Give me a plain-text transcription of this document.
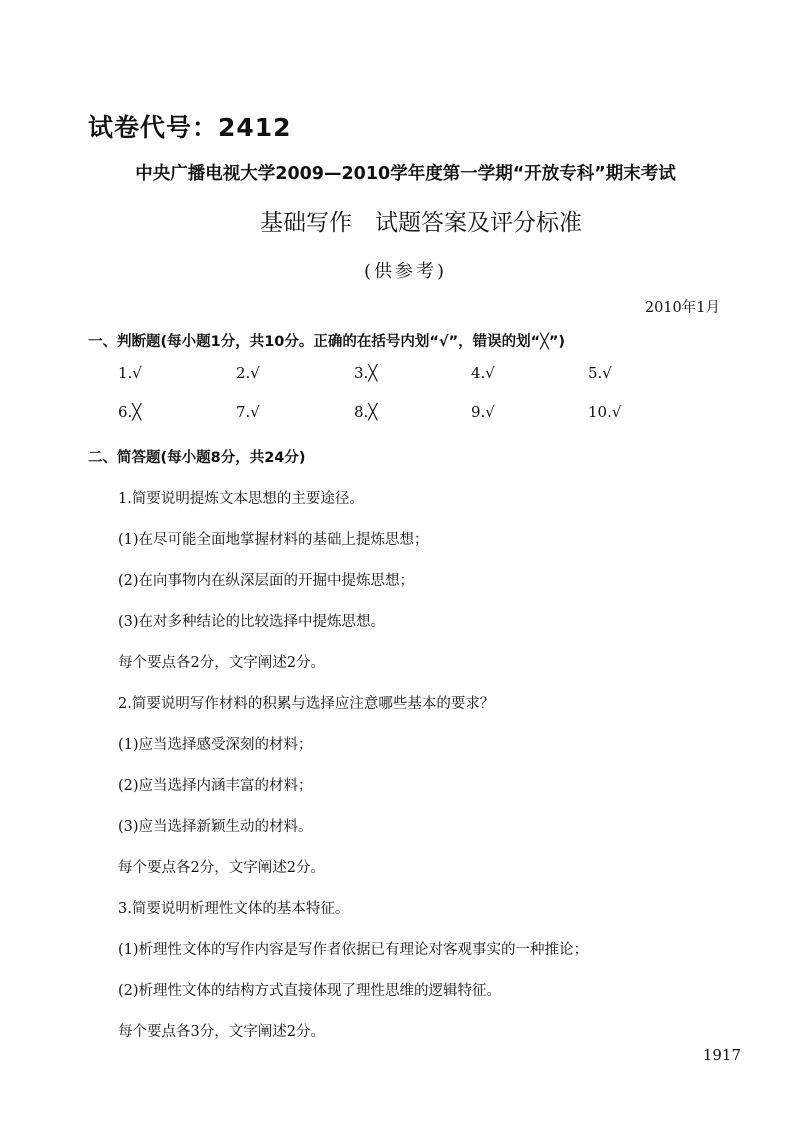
试卷代号：2412
中央广播电视大学2009—2010学年度第一学期“开放专科”期末考试
基础写作　试题答案及评分标准
(供参考)
2010年1月
一、判断题(每小题1分，共10分。正确的在括号内划“√”，错误的划“╳”)
1.√	2.√	3.╳	4.√	5.√
6.╳	7.√	8.╳	9.√	10.√
二、简答题(每小题8分，共24分)
1.简要说明提炼文本思想的主要途径。
(1)在尽可能全面地掌握材料的基础上提炼思想；
(2)在向事物内在纵深层面的开掘中提炼思想；
(3)在对多种结论的比较选择中提炼思想。
每个要点各2分，文字阐述2分。
2.简要说明写作材料的积累与选择应注意哪些基本的要求？
(1)应当选择感受深刻的材料；
(2)应当选择内涵丰富的材料；
(3)应当选择新颖生动的材料。
每个要点各2分，文字阐述2分。
3.简要说明析理性文体的基本特征。
(1)析理性文体的写作内容是写作者依据已有理论对客观事实的一种推论；
(2)析理性文体的结构方式直接体现了理性思维的逻辑特征。
每个要点各3分，文字阐述2分。
1917
